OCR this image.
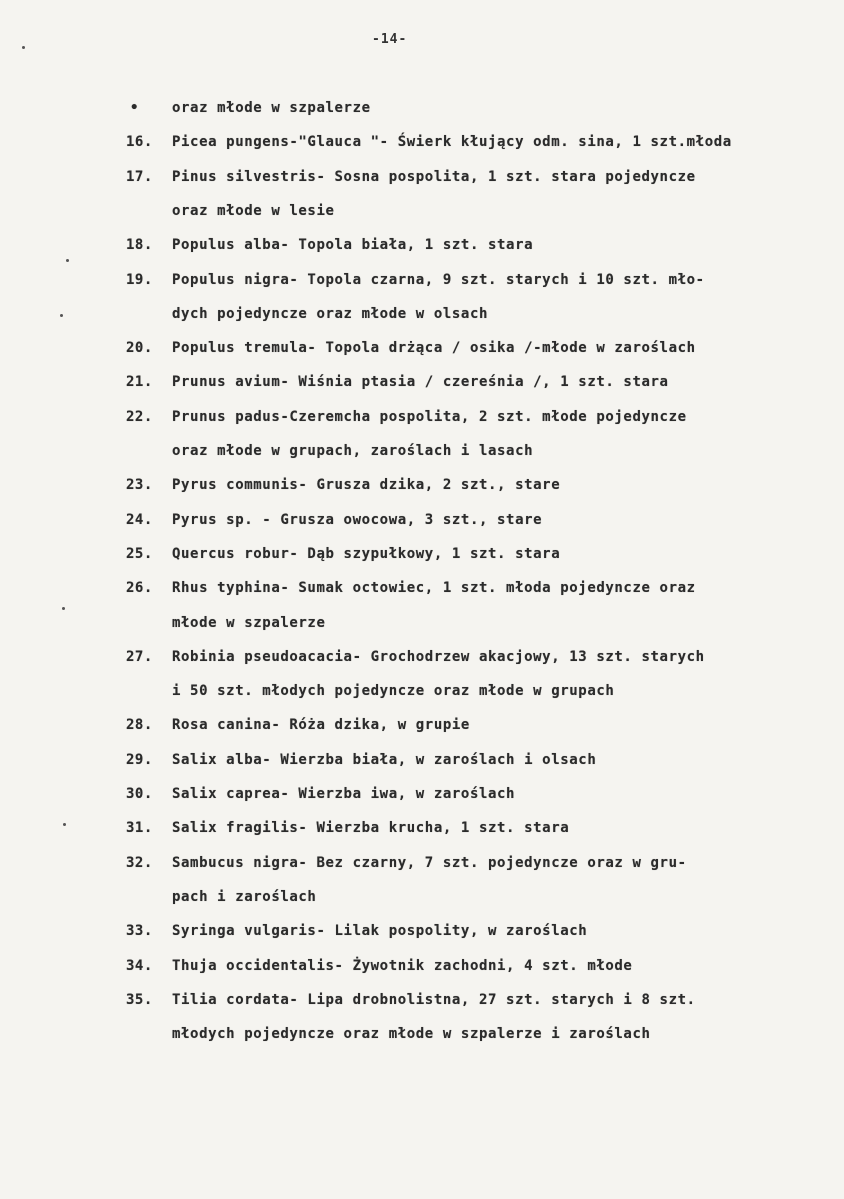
-14-
• oraz młode w szpalerze
16. Picea pungens-"Glauca "- Świerk kłujący odm. sina, 1 szt.młoda
17. Pinus silvestris- Sosna pospolita, 1 szt. stara pojedyncze
oraz młode w lesie
18. Populus alba- Topola biała, 1 szt. stara
19. Populus nigra- Topola czarna, 9 szt. starych i 10 szt. mło-
dych pojedyncze oraz młode w olsach
20. Populus tremula- Topola drżąca / osika /-młode w zaroślach
21. Prunus avium- Wiśnia ptasia / czereśnia /, 1 szt. stara
22. Prunus padus-Czeremcha pospolita, 2 szt. młode pojedyncze
oraz młode w grupach, zaroślach i lasach
23. Pyrus communis- Grusza dzika, 2 szt., stare
24. Pyrus sp. - Grusza owocowa, 3 szt., stare
25. Quercus robur- Dąb szypułkowy, 1 szt. stara
26. Rhus typhina- Sumak octowiec, 1 szt. młoda pojedyncze oraz
młode w szpalerze
27. Robinia pseudoacacia- Grochodrzew akacjowy, 13 szt. starych
i 50 szt. młodych pojedyncze oraz młode w grupach
28. Rosa canina- Róża dzika, w grupie
29. Salix alba- Wierzba biała, w zaroślach i olsach
30. Salix caprea- Wierzba iwa, w zaroślach
31. Salix fragilis- Wierzba krucha, 1 szt. stara
32. Sambucus nigra- Bez czarny, 7 szt. pojedyncze oraz w gru-
pach i zaroślach
33. Syringa vulgaris- Lilak pospolity, w zaroślach
34. Thuja occidentalis- Żywotnik zachodni, 4 szt. młode
35. Tilia cordata- Lipa drobnolistna, 27 szt. starych i 8 szt.
młodych pojedyncze oraz młode w szpalerze i zaroślach
